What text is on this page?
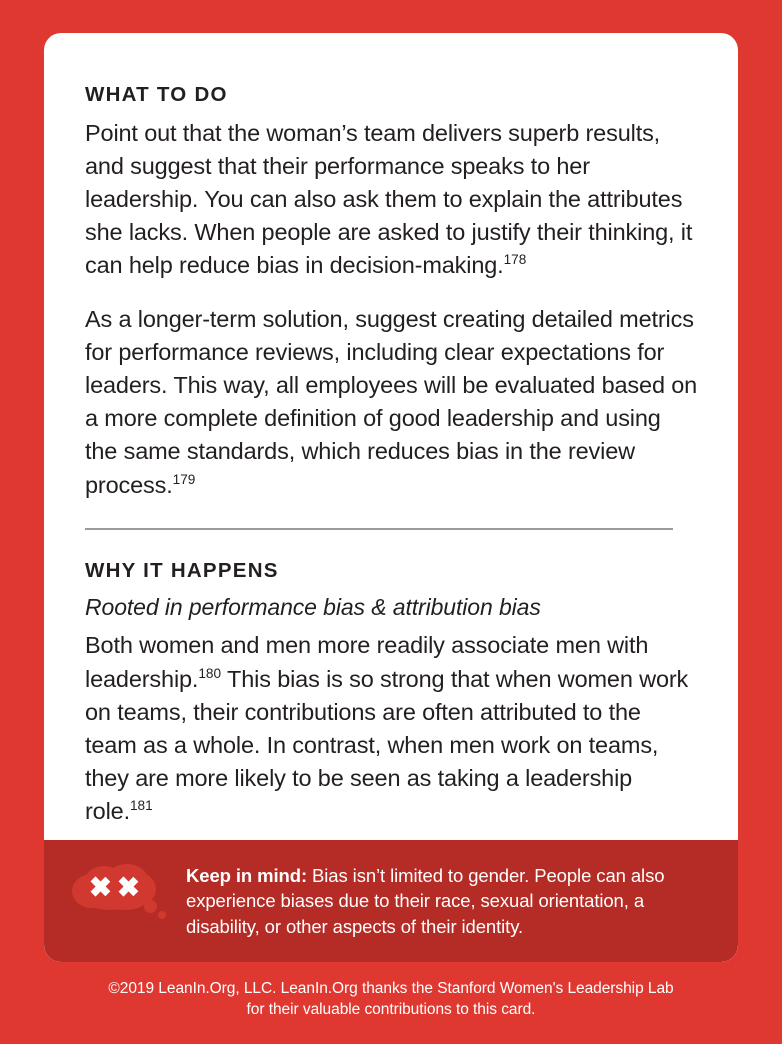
WHAT TO DO

Point out that the woman’s team delivers superb results, and suggest that their performance speaks to her leadership. You can also ask them to explain the attributes she lacks. When people are asked to justify their thinking, it can help reduce bias in decision-making.$^{178}$

As a longer-term solution, suggest creating detailed metrics for performance reviews, including clear expectations for leaders. This way, all employees will be evaluated based on a more complete definition of good leadership and using the same standards, which reduces bias in the review process.$^{179}$

WHY IT HAPPENS
Rooted in performance bias & attribution bias

Both women and men more readily associate men with leadership.$^{180}$ This bias is so strong that when women work on teams, their contributions are often attributed to the team as a whole. In contrast, when men work on teams, they are more likely to be seen as taking a leadership role.$^{181}$

Keep in mind: Bias isn’t limited to gender. People can also experience biases due to their race, sexual orientation, a disability, or other aspects of their identity.
©2019 LeanIn.Org, LLC. LeanIn.Org thanks the Stanford Women's Leadership Lab
for their valuable contributions to this card.
